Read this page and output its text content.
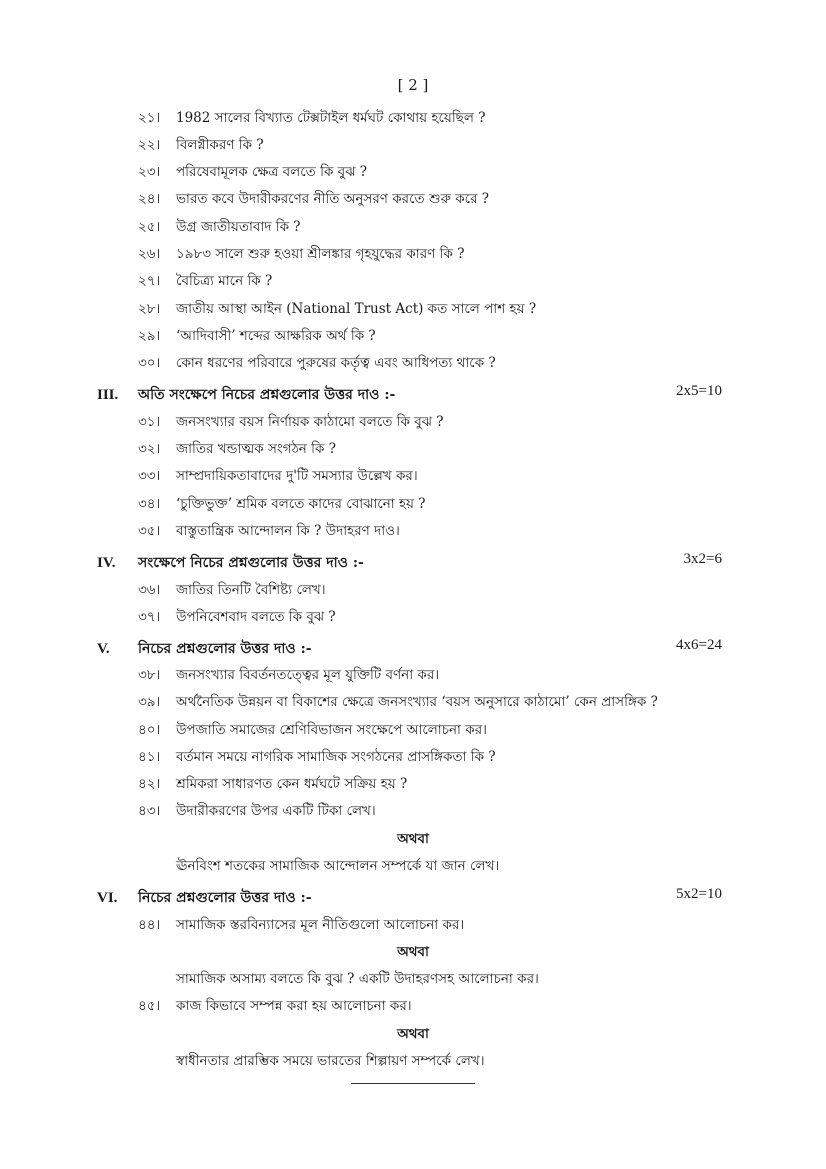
[ 2 ]
২১। 1982 সালের বিখ্যাত টেক্সটাইল ধর্মঘট কোথায় হয়েছিল ?
২২। বিলগ্নীকরণ কি ?
২৩। পরিষেবামূলক ক্ষেত্র বলতে কি বুঝ ?
২৪। ভারত কবে উদারীকরণের নীতি অনুসরণ করতে শুরু করে ?
২৫। উগ্র জাতীয়তাবাদ কি ?
২৬। ১৯৮৩ সালে শুরু হওয়া শ্রীলঙ্কার গৃহযুদ্ধের কারণ কি ?
২৭। বৈচিত্র্য মানে কি ?
২৮। জাতীয় আস্থা আইন (National Trust Act) কত সালে পাশ হয় ?
২৯। ‘আদিবাসী’ শব্দের আক্ষরিক অর্থ কি ?
৩০। কোন ধরণের পরিবারে পুরুষের কর্তৃত্ব এবং আধিপত্য থাকে ?
III. অতি সংক্ষেপে নিচের প্রশ্নগুলোর উত্তর দাও :-	2x5=10
৩১। জনসংখ্যার বয়স নির্ণায়ক কাঠামো বলতে কি বুঝ ?
৩২। জাতির খন্ডাত্মক সংগঠন কি ?
৩৩। সাম্প্রদায়িকতাবাদের দু'টি সমস্যার উল্লেখ কর।
৩৪। ‘চুক্তিভুক্ত’ শ্রমিক বলতে কাদের বোঝানো হয় ?
৩৫। বাস্তুতান্ত্রিক আন্দোলন কি ? উদাহরণ দাও।
IV. সংক্ষেপে নিচের প্রশ্নগুলোর উত্তর দাও :-	3x2=6
৩৬। জাতির তিনটি বৈশিষ্ট্য লেখ।
৩৭। উপনিবেশবাদ বলতে কি বুঝ ?
V. নিচের প্রশ্নগুলোর উত্তর দাও :-	4x6=24
৩৮। জনসংখ্যার বিবর্তনতত্ত্বের মূল যুক্তিটি বর্ণনা কর।
৩৯। অর্থনৈতিক উন্নয়ন বা বিকাশের ক্ষেত্রে জনসংখ্যার ‘বয়স অনুসারে কাঠামো’ কেন প্রাসঙ্গিক ?
৪০। উপজাতি সমাজের শ্রেণিবিভাজন সংক্ষেপে আলোচনা কর।
৪১। বর্তমান সময়ে নাগরিক সামাজিক সংগঠনের প্রাসঙ্গিকতা কি ?
৪২। শ্রমিকরা সাধারণত কেন ধর্মঘটে সক্রিয় হয় ?
৪৩। উদারীকরণের উপর একটি টিকা লেখ।
অথবা
ঊনবিংশ শতকের সামাজিক আন্দোলন সম্পর্কে যা জান লেখ।
VI. নিচের প্রশ্নগুলোর উত্তর দাও :-	5x2=10
৪৪। সামাজিক স্তরবিন্যাসের মূল নীতিগুলো আলোচনা কর।
অথবা
সামাজিক অসাম্য বলতে কি বুঝ ? একটি উদাহরণসহ আলোচনা কর।
৪৫। কাজ কিভাবে সম্পন্ন করা হয় আলোচনা কর।
অথবা
স্বাধীনতার প্রারম্ভিক সময়ে ভারতের শিল্পায়ণ সম্পর্কে লেখ।
